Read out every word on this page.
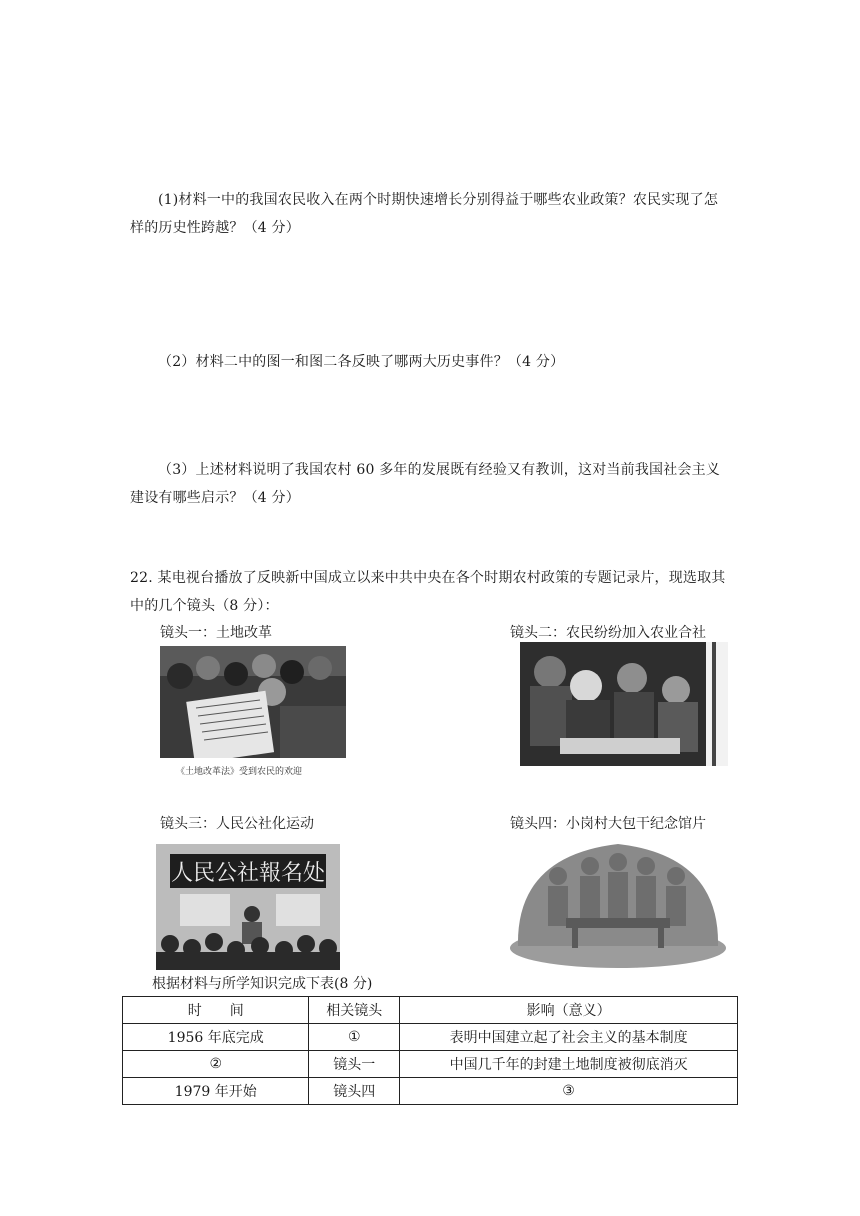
(1)材料一中的我国农民收入在两个时期快速增长分别得益于哪些农业政策？农民实现了怎样的历史性跨越？（4 分）
（2）材料二中的图一和图二各反映了哪两大历史事件？（4 分）
（3）上述材料说明了我国农村 60 多年的发展既有经验又有教训，这对当前我国社会主义建设有哪些启示？（4 分）
22. 某电视台播放了反映新中国成立以来中共中央在各个时期农村政策的专题记录片，现选取其中的几个镜头（8 分）：
镜头一：土地改革	镜头二：农民纷纷加入农业合社
镜头三：人民公社化运动	镜头四：小岗村大包干纪念馆片
《土地改革法》受到农民的欢迎
人民公社報名处
根据材料与所学知识完成下表(8 分)
时　　间	相关镜头	影响（意义）
1956 年底完成	①	表明中国建立起了社会主义的基本制度
②	镜头一	中国几千年的封建土地制度被彻底消灭
1979 年开始	镜头四	③
